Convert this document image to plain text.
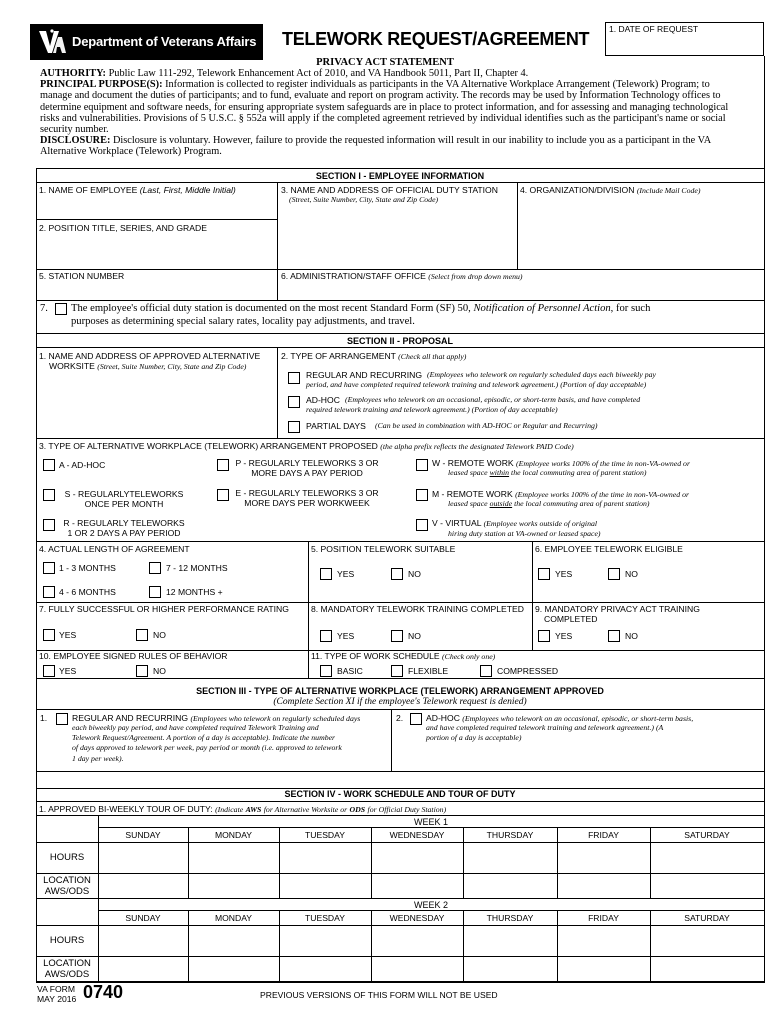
Department of Veterans Affairs TELEWORK REQUEST/AGREEMENT 1. DATE OF REQUEST
PRIVACY ACT STATEMENT
AUTHORITY: Public Law 111-292, Telework Enhancement Act of 2010, and VA Handbook 5011, Part II, Chapter 4.
PRINCIPAL PURPOSE(S): Information is collected to register individuals as participants in the VA Alternative Workplace Arrangement (Telework) Program; to manage and document the duties of participants; and to fund, evaluate and report on program activity. The records may be used by Information Technology offices to determine equipment and software needs, for ensuring appropriate system safeguards are in place to protect information, and for assessing and managing technological risks and vulnerabilities. Provisions of 5 U.S.C. § 552a will apply if the completed agreement retrieved by individual identifies such as the participant's name or social security number.
DISCLOSURE: Disclosure is voluntary. However, failure to provide the requested information will result in our inability to include you as a participant in the VA Alternative Workplace (Telework) Program.
SECTION I - EMPLOYEE INFORMATION
1. NAME OF EMPLOYEE (Last, First, Middle Initial)	3. NAME AND ADDRESS OF OFFICIAL DUTY STATION
(Street, Suite Number, City, State and Zip Code)
4. ORGANIZATION/DIVISION (Include Mail Code)
2. POSITION TITLE, SERIES, AND GRADE
5. STATION NUMBER	6. ADMINISTRATION/STAFF OFFICE (Select from drop down menu)
7. The employee's official duty station is documented on the most recent Standard Form (SF) 50, Notification of Personnel Action, for such
purposes as determining special salary rates, locality pay adjustments, and travel.
SECTION II - PROPOSAL
1. NAME AND ADDRESS OF APPROVED ALTERNATIVE
WORKSITE (Street, Suite Number, City, State and Zip Code)
2. TYPE OF ARRANGEMENT (Check all that apply)
REGULAR AND RECURRING (Employees who telework on regularly scheduled days each biweekly pay
period, and have completed required telework training and telework agreement.) (Portion of day acceptable)
AD-HOC (Employees who telework on an occasional, episodic, or short-term basis, and have completed
required telework training and telework agreement.) (Portion of day acceptable)
PARTIAL DAYS (Can be used in combination with AD-HOC or Regular and Recurring)
3. TYPE OF ALTERNATIVE WORKPLACE (TELEWORK) ARRANGEMENT PROPOSED (the alpha prefix reflects the designated Telework PAID Code)
A - AD-HOC
S - REGULARLYTELEWORKS
ONCE PER MONTH
R - REGULARLY TELEWORKS
1 OR 2 DAYS A PAY PERIOD
P - REGULARLY TELEWORKS 3 OR
MORE DAYS A PAY PERIOD
E - REGULARLY TELEWORKS 3 OR
MORE DAYS PER WORKWEEK
W - REMOTE WORK (Employee works 100% of the time in non-VA-owned or
leased space within the local commuting area of parent station)
M - REMOTE WORK (Employee works 100% of the time in non-VA-owned or
leased space outside the local commuting area of parent station)
V - VIRTUAL (Employee works outside of original
hiring duty station at VA-owned or leased space)
4. ACTUAL LENGTH OF AGREEMENT
1 - 3 MONTHS	7 - 12 MONTHS
4 - 6 MONTHS	12 MONTHS +
5. POSITION TELEWORK SUITABLE
YES	NO
6. EMPLOYEE TELEWORK ELIGIBLE
YES	NO
7. FULLY SUCCESSFUL OR HIGHER PERFORMANCE RATING
YES	NO
8. MANDATORY TELEWORK TRAINING COMPLETED
YES	NO
9. MANDATORY PRIVACY ACT TRAINING
COMPLETED
YES	NO
10. EMPLOYEE SIGNED RULES OF BEHAVIOR
YES	NO
11. TYPE OF WORK SCHEDULE (Check only one)
BASIC	FLEXIBLE	COMPRESSED
SECTION III - TYPE OF ALTERNATIVE WORKPLACE (TELEWORK) ARRANGEMENT APPROVED
(Complete Section XI if the employee's Telework request is denied)
1.	REGULAR AND RECURRING (Employees who telework on regularly scheduled days
each biweekly pay period, and have completed required Telework Training and
Telework Request/Agreement. A portion of a day is acceptable). Indicate the number
of days approved to telework per week, pay period or month (i.e. approved to telework
1 day per week).
2.	AD-HOC (Employees who telework on an occasional, episodic, or short-term basis,
and have completed required telework training and telework agreement.) (A
portion of a day is acceptable)
SECTION IV - WORK SCHEDULE AND TOUR OF DUTY
1. APPROVED BI-WEEKLY TOUR OF DUTY: (Indicate AWS for Alternative Worksite or ODS for Official Duty Station)
WEEK 1
SUNDAY	MONDAY	TUESDAY	WEDNESDAY	THURSDAY	FRIDAY	SATURDAY
HOURS
LOCATION
AWS/ODS
WEEK 2
SUNDAY	MONDAY	TUESDAY	WEDNESDAY	THURSDAY	FRIDAY	SATURDAY
HOURS
LOCATION
AWS/ODS
VA FORM
MAY 2016 0740	PREVIOUS VERSIONS OF THIS FORM WILL NOT BE USED
